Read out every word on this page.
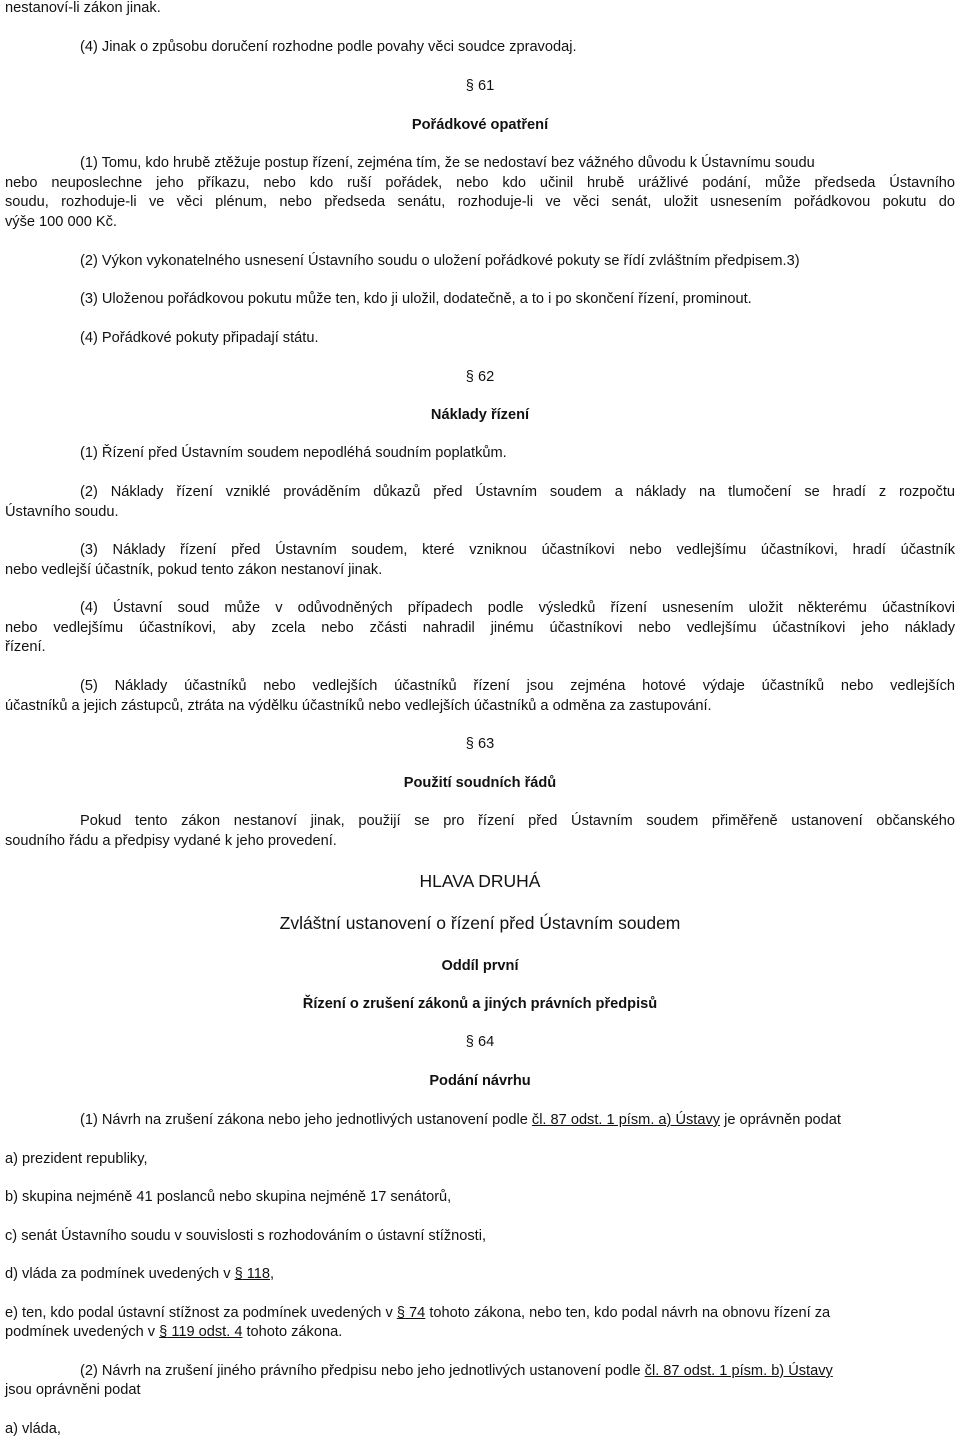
nestanoví-li zákon jinak.
(4) Jinak o způsobu doručení rozhodne podle povahy věci soudce zpravodaj.
§ 61
Pořádkové opatření
(1) Tomu, kdo hrubě ztěžuje postup řízení, zejména tím, že se nedostaví bez vážného důvodu k Ústavnímu soudu
nebo neuposlechne jeho příkazu, nebo kdo ruší pořádek, nebo kdo učinil hrubě urážlivé podání, může předseda Ústavního
soudu, rozhoduje-li ve věci plénum, nebo předseda senátu, rozhoduje-li ve věci senát, uložit usnesením pořádkovou pokutu do
výše 100 000 Kč.
(2) Výkon vykonatelného usnesení Ústavního soudu o uložení pořádkové pokuty se řídí zvláštním předpisem.3)
(3) Uloženou pořádkovou pokutu může ten, kdo ji uložil, dodatečně, a to i po skončení řízení, prominout.
(4) Pořádkové pokuty připadají státu.
§ 62
Náklady řízení
(1) Řízení před Ústavním soudem nepodléhá soudním poplatkům.
(2) Náklady řízení vzniklé prováděním důkazů před Ústavním soudem a náklady na tlumočení se hradí z rozpočtu
Ústavního soudu.
(3) Náklady řízení před Ústavním soudem, které vzniknou účastníkovi nebo vedlejšímu účastníkovi, hradí účastník
nebo vedlejší účastník, pokud tento zákon nestanoví jinak.
(4) Ústavní soud může v odůvodněných případech podle výsledků řízení usnesením uložit některému účastníkovi
nebo vedlejšímu účastníkovi, aby zcela nebo zčásti nahradil jinému účastníkovi nebo vedlejšímu účastníkovi jeho náklady
řízení.
(5) Náklady účastníků nebo vedlejších účastníků řízení jsou zejména hotové výdaje účastníků nebo vedlejších
účastníků a jejich zástupců, ztráta na výdělku účastníků nebo vedlejších účastníků a odměna za zastupování.
§ 63
Použití soudních řádů
Pokud tento zákon nestanoví jinak, použijí se pro řízení před Ústavním soudem přiměřeně ustanovení občanského
soudního řádu a předpisy vydané k jeho provedení.
HLAVA DRUHÁ
Zvláštní ustanovení o řízení před Ústavním soudem
Oddíl první
Řízení o zrušení zákonů a jiných právních předpisů
§ 64
Podání návrhu
(1) Návrh na zrušení zákona nebo jeho jednotlivých ustanovení podle čl. 87 odst. 1 písm. a) Ústavy je oprávněn podat
a) prezident republiky,
b) skupina nejméně 41 poslanců nebo skupina nejméně 17 senátorů,
c) senát Ústavního soudu v souvislosti s rozhodováním o ústavní stížnosti,
d) vláda za podmínek uvedených v § 118,
e) ten, kdo podal ústavní stížnost za podmínek uvedených v § 74 tohoto zákona, nebo ten, kdo podal návrh na obnovu řízení za
podmínek uvedených v § 119 odst. 4 tohoto zákona.
(2) Návrh na zrušení jiného právního předpisu nebo jeho jednotlivých ustanovení podle čl. 87 odst. 1 písm. b) Ústavy
jsou oprávněni podat
a) vláda,
